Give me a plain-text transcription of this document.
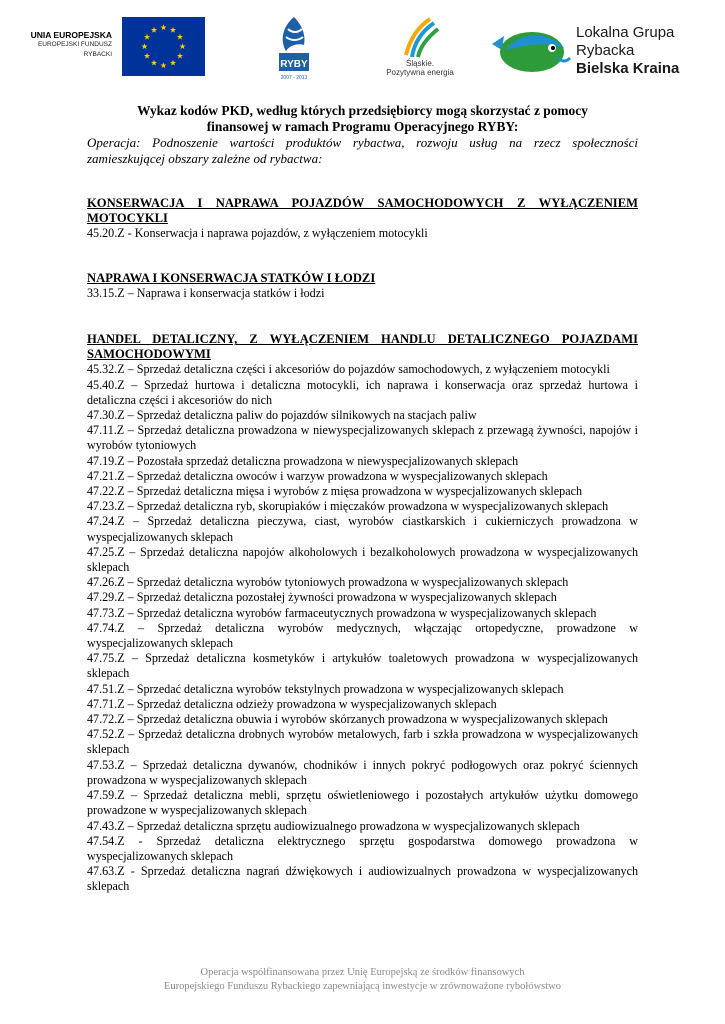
UNIA EUROPEJSKA
EUROPEJSKI FUNDUSZ
RYBACKI
RYBY
2007 - 2013
Śląskie.
Pozytywna energia
Lokalna Grupa
Rybacka
Bielska Kraina
Wykaz kodów PKD, według których przedsiębiorcy mogą skorzystać z pomocy
finansowej w ramach Programu Operacyjnego RYBY:
Operacja: Podnoszenie wartości produktów rybactwa, rozwoju usług na rzecz społeczności zamieszkującej obszary zależne od rybactwa:
KONSERWACJA I NAPRAWA POJAZDÓW SAMOCHODOWYCH Z WYŁĄCZENIEM MOTOCYKLI
45.20.Z - Konserwacja i naprawa pojazdów, z wyłączeniem motocykli
NAPRAWA I KONSERWACJA STATKÓW I ŁODZI
33.15.Z – Naprawa i konserwacja statków i łodzi
HANDEL DETALICZNY, Z WYŁĄCZENIEM HANDLU DETALICZNEGO POJAZDAMI SAMOCHODOWYMI
45.32.Z – Sprzedaż detaliczna części i akcesoriów do pojazdów samochodowych, z wyłączeniem motocykli
45.40.Z – Sprzedaż hurtowa i detaliczna motocykli, ich naprawa i konserwacja oraz sprzedaż hurtowa i detaliczna części i akcesoriów do nich
47.30.Z – Sprzedaż detaliczna paliw do pojazdów silnikowych na stacjach paliw
47.11.Z – Sprzedaż detaliczna prowadzona w niewyspecjalizowanych sklepach z przewagą żywności, napojów i wyrobów tytoniowych
47.19.Z – Pozostała sprzedaż detaliczna prowadzona w niewyspecjalizowanych sklepach
47.21.Z – Sprzedaż detaliczna owoców i warzyw prowadzona w wyspecjalizowanych sklepach
47.22.Z – Sprzedaż detaliczna mięsa i wyrobów z mięsa prowadzona w wyspecjalizowanych sklepach
47.23.Z – Sprzedaż detaliczna ryb, skorupiaków i mięczaków prowadzona w wyspecjalizowanych sklepach
47.24.Z – Sprzedaż detaliczna pieczywa, ciast, wyrobów ciastkarskich i cukierniczych prowadzona w wyspecjalizowanych sklepach
47.25.Z – Sprzedaż detaliczna napojów alkoholowych i bezalkoholowych prowadzona w wyspecjalizowanych sklepach
47.26.Z – Sprzedaż detaliczna wyrobów tytoniowych prowadzona w wyspecjalizowanych sklepach
47.29.Z – Sprzedaż detaliczna pozostałej żywności prowadzona w wyspecjalizowanych sklepach
47.73.Z – Sprzedaż detaliczna wyrobów farmaceutycznych prowadzona w wyspecjalizowanych sklepach
47.74.Z – Sprzedaż detaliczna wyrobów medycznych, włączając ortopedyczne, prowadzone w wyspecjalizowanych sklepach
47.75.Z – Sprzedaż detaliczna kosmetyków i artykułów toaletowych prowadzona w wyspecjalizowanych sklepach
47.51.Z – Sprzedać detaliczna wyrobów tekstylnych prowadzona w wyspecjalizowanych sklepach
47.71.Z – Sprzedaż detaliczna odzieży prowadzona w wyspecjalizowanych sklepach
47.72.Z – Sprzedaż detaliczna obuwia i wyrobów skórzanych prowadzona w wyspecjalizowanych sklepach
47.52.Z – Sprzedaż detaliczna drobnych wyrobów metalowych, farb i szkła prowadzona w wyspecjalizowanych sklepach
47.53.Z – Sprzedaż detaliczna dywanów, chodników i innych pokryć podłogowych oraz pokryć ściennych prowadzona w wyspecjalizowanych sklepach
47.59.Z – Sprzedaż detaliczna mebli, sprzętu oświetleniowego i pozostałych artykułów użytku domowego prowadzone w wyspecjalizowanych sklepach
47.43.Z – Sprzedaż detaliczna sprzętu audiowizualnego prowadzona w wyspecjalizowanych sklepach
47.54.Z - Sprzedaż detaliczna elektrycznego sprzętu gospodarstwa domowego prowadzona w wyspecjalizowanych sklepach
47.63.Z - Sprzedaż detaliczna nagrań dźwiękowych i audiowizualnych prowadzona w wyspecjalizowanych sklepach
Operacja współfinansowana przez Unię Europejską ze środków finansowych
Europejskiego Funduszu Rybackiego zapewniającą inwestycje w zrównoważone rybołówstwo
